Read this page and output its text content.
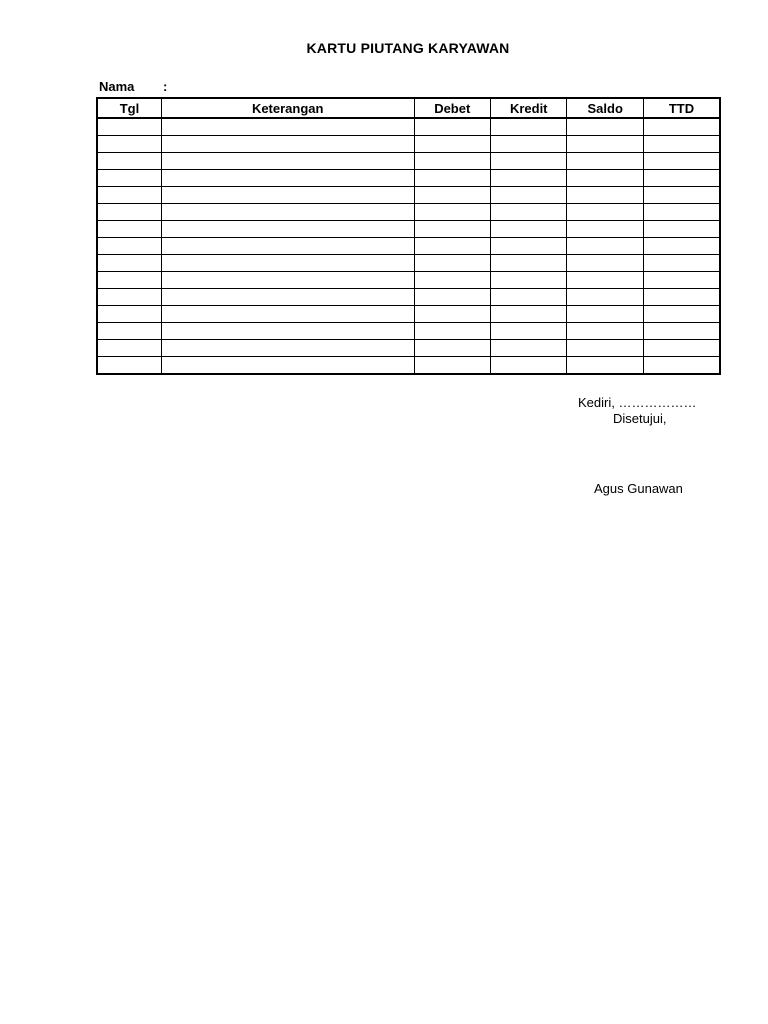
KARTU PIUTANG KARYAWAN
Nama :
Tgl	Keterangan	Debet	Kredit	Saldo	TTD

Kediri, ………………
Disetujui,
Agus Gunawan
